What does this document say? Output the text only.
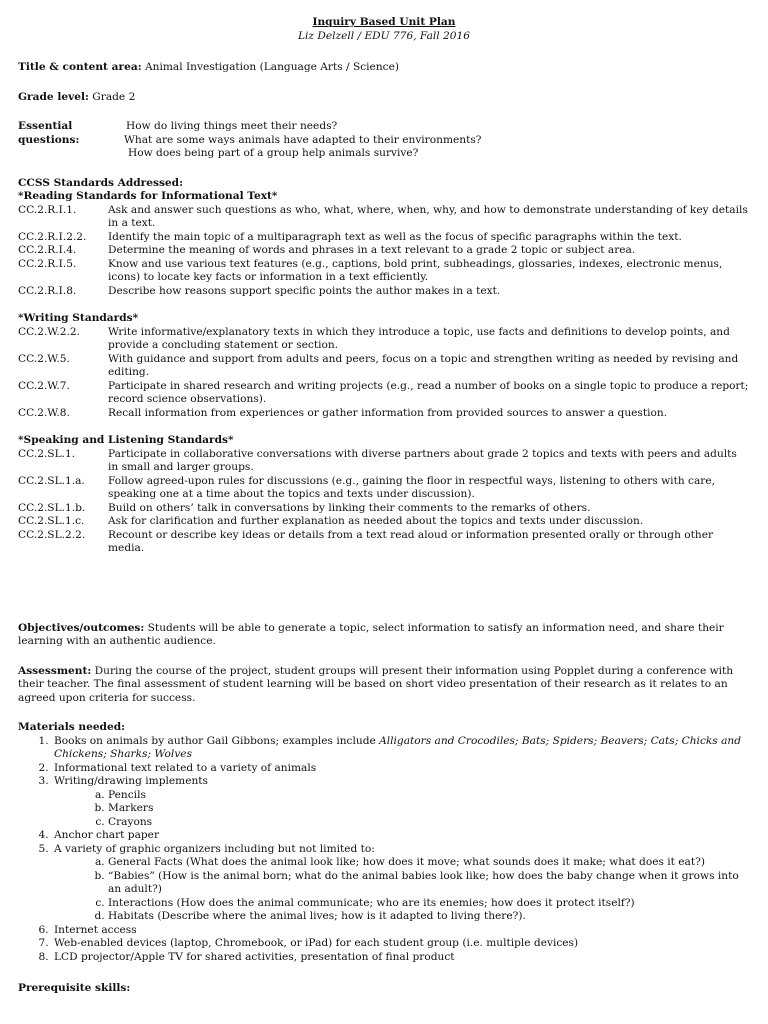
Inquiry Based Unit Plan
Liz Delzell / EDU 776, Fall 2016
Title & content area: Animal Investigation (Language Arts / Science)
Grade level: Grade 2
Essential questions:
How do living things meet their needs?
What are some ways animals have adapted to their environments?
How does being part of a group help animals survive?
CCSS Standards Addressed:
*Reading Standards for Informational Text*
CC.2.R.I.1.	Ask and answer such questions as who, what, where, when, why, and how to demonstrate understanding of key details in a text.
CC.2.R.I.2.2.	Identify the main topic of a multiparagraph text as well as the focus of specific paragraphs within the text.
CC.2.R.I.4.	Determine the meaning of words and phrases in a text relevant to a grade 2 topic or subject area.
CC.2.R.I.5.	Know and use various text features (e.g., captions, bold print, subheadings, glossaries, indexes, electronic menus, icons) to locate key facts or information in a text efficiently.
CC.2.R.I.8.	Describe how reasons support specific points the author makes in a text.
*Writing Standards*
CC.2.W.2.2.	Write informative/explanatory texts in which they introduce a topic, use facts and definitions to develop points, and provide a concluding statement or section.
CC.2.W.5.	With guidance and support from adults and peers, focus on a topic and strengthen writing as needed by revising and editing.
CC.2.W.7.	Participate in shared research and writing projects (e.g., read a number of books on a single topic to produce a report; record science observations).
CC.2.W.8.	Recall information from experiences or gather information from provided sources to answer a question.
*Speaking and Listening Standards*
CC.2.SL.1.	Participate in collaborative conversations with diverse partners about grade 2 topics and texts with peers and adults in small and larger groups.
CC.2.SL.1.a.	Follow agreed-upon rules for discussions (e.g., gaining the floor in respectful ways, listening to others with care, speaking one at a time about the topics and texts under discussion).
CC.2.SL.1.b.	Build on others’ talk in conversations by linking their comments to the remarks of others.
CC.2.SL.1.c.	Ask for clarification and further explanation as needed about the topics and texts under discussion.
CC.2.SL.2.2.	Recount or describe key ideas or details from a text read aloud or information presented orally or through other media.
Objectives/outcomes: Students will be able to generate a topic, select information to satisfy an information need, and share their learning with an authentic audience.
Assessment: During the course of the project, student groups will present their information using Popplet during a conference with their teacher. The final assessment of student learning will be based on short video presentation of their research as it relates to an agreed upon criteria for success.
Materials needed:
1. Books on animals by author Gail Gibbons; examples include Alligators and Crocodiles; Bats; Spiders; Beavers; Cats; Chicks and Chickens; Sharks; Wolves
2. Informational text related to a variety of animals
3. Writing/drawing implements
a. Pencils
b. Markers
c. Crayons
4. Anchor chart paper
5. A variety of graphic organizers including but not limited to:
a. General Facts (What does the animal look like; how does it move; what sounds does it make; what does it eat?)
b. “Babies” (How is the animal born; what do the animal babies look like; how does the baby change when it grows into an adult?)
c. Interactions (How does the animal communicate; who are its enemies; how does it protect itself?)
d. Habitats (Describe where the animal lives; how is it adapted to living there?).
6. Internet access
7. Web-enabled devices (laptop, Chromebook, or iPad) for each student group (i.e. multiple devices)
8. LCD projector/Apple TV for shared activities, presentation of final product
Prerequisite skills:
